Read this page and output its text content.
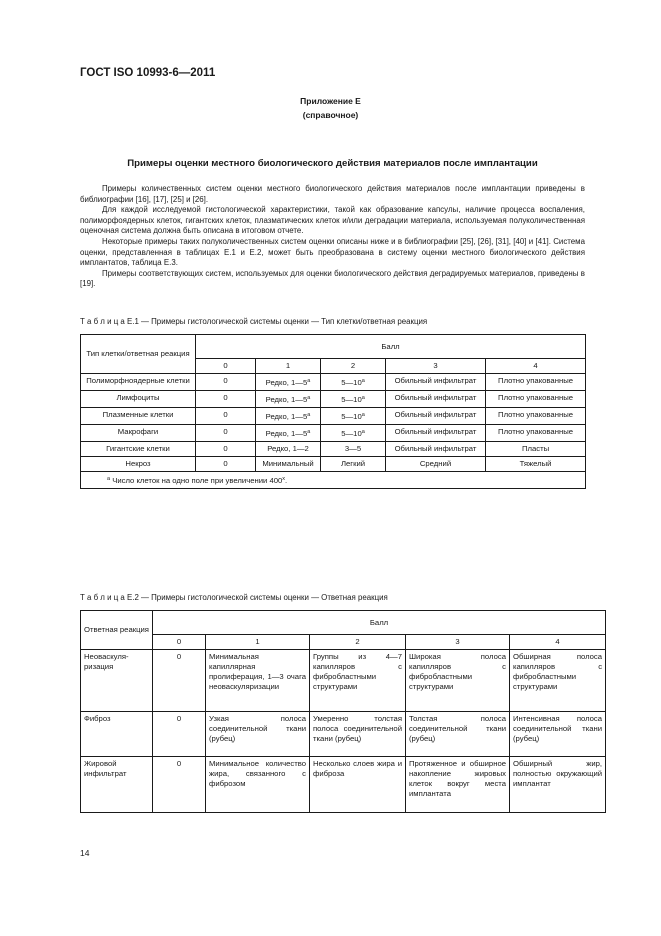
ГОСТ ISO 10993-6—2011
Приложение Е
(справочное)
Примеры оценки местного биологического действия материалов после имплантации

Примеры количественных систем оценки местного биологического действия материалов после имплантации приведены в библиографии [16], [17], [25] и [26].

Для каждой исследуемой гистологической характеристики, такой как образование капсулы, наличие процесса воспаления, полиморфоядерных клеток, гигантских клеток, плазматических клеток и/или деградации материала, используемая полуколичественная оценочная система должна быть описана в итоговом отчете.

Некоторые примеры таких полуколичественных систем оценки описаны ниже и в библиографии [25], [26], [31], [40] и [41]. Система оценки, представленная в таблицах Е.1 и Е.2, может быть преобразована в систему оценки местного биологического действия имплантатов, таблица Е.3.

Примеры соответствующих систем, используемых для оценки биологического действия деградируемых материалов, приведены в [19].

Т а б л и ц а Е.1 — Примеры гистологической системы оценки — Тип клетки/ответная реакция
Тип клетки/ответная реакция	Балл				
	0	1	2	3	4
Полиморфноядерные клетки	0	Редко, 1—5$^a$	5—10$^a$	Обильный инфильтрат	Плотно упакованные
Лимфоциты	0	Редко, 1—5$^a$	5—10$^a$	Обильный инфильтрат	Плотно упакованные
Плазменные клетки	0	Редко, 1—5$^a$	5—10$^a$	Обильный инфильтрат	Плотно упакованные
Макрофаги	0	Редко, 1—5$^a$	5—10$^a$	Обильный инфильтрат	Плотно упакованные
Гигантские клетки	0	Редко, 1—2	3—5	Обильный инфильтрат	Пласты
Некроз	0	Минимальный	Легкий	Средний	Тяжелый
$^a$ Число клеток на одно поле при увеличении $400^х$.					
Т а б л и ц а Е.2 — Примеры гистологической системы оценки — Ответная реакция
Ответная реакция	Балл				
	0	1	2	3	4
Неоваскуля-ризация	0	Минимальная капиллярная пролиферация, 1—3 очага неоваскуляризации	Группы из 4—7 капилляров с фибробластными структурами	Широкая полоса капилляров с фибробластными структурами	Обширная полоса капилляров с фибробластными структурами
Фиброз	0	Узкая полоса соединительной ткани (рубец)	Умеренно толстая полоса соединительной ткани (рубец)	Толстая полоса соединительной ткани (рубец)	Интенсивная полоса соединительной ткани (рубец)
Жировой инфильтрат	0	Минимальное количество жира, связанного с фиброзом	Несколько слоев жира и фиброза	Протяженное и обширное накопление жировых клеток вокруг места имплантата	Обширный жир, полностью окружающий имплантат
14
